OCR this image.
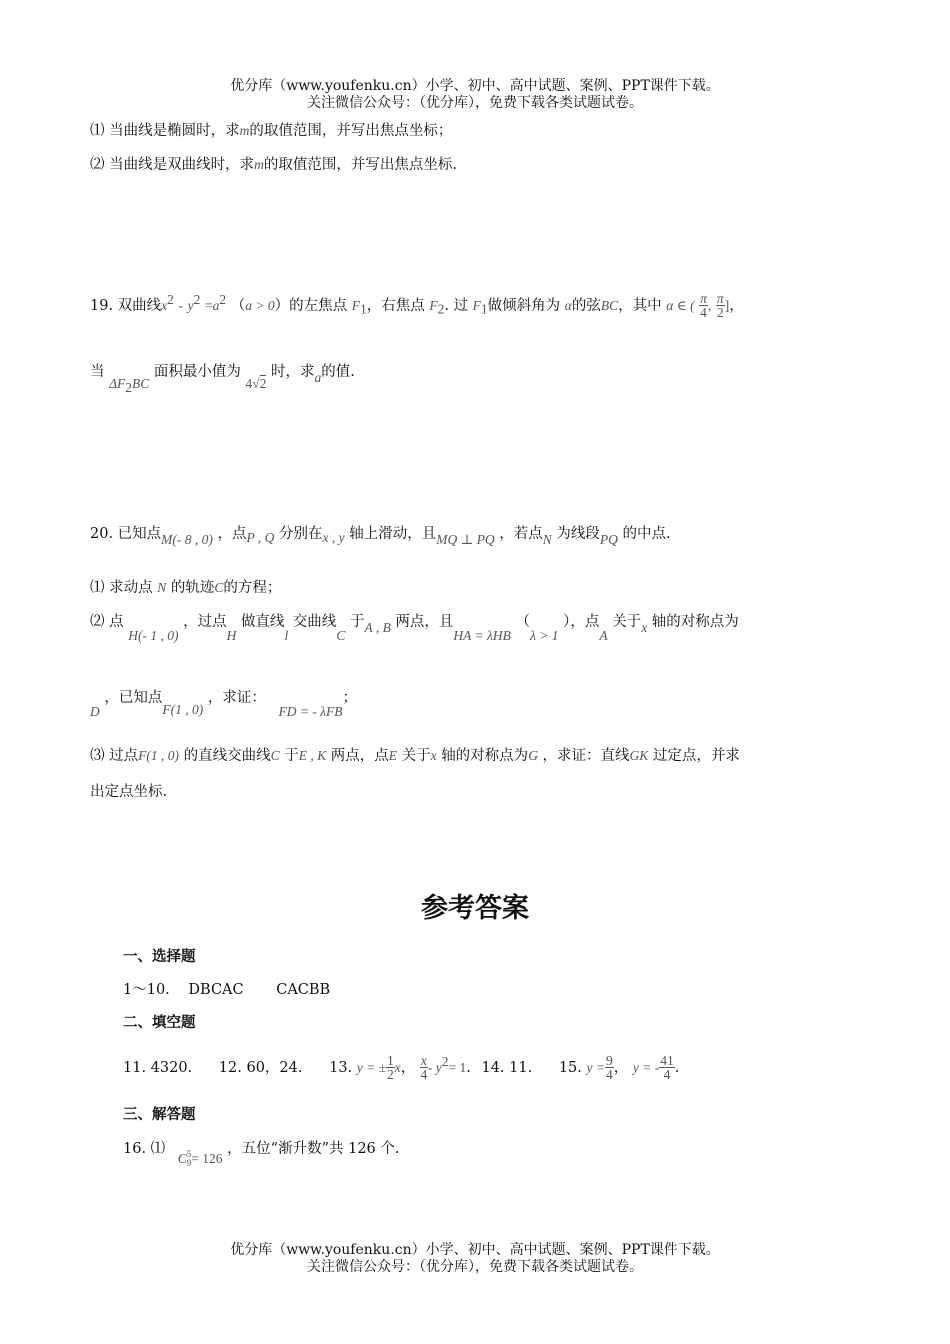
优分库（www.youfenku.cn）小学、初中、高中试题、案例、PPT课件下载。
关注微信公众号：（优分库），免费下载各类试题试卷。
⑴ 当曲线是椭圆时，求m的取值范围，并写出焦点坐标；
⑵ 当曲线是双曲线时，求m的取值范围，并写出焦点坐标.
19. 双曲线$x^2 - y^2 =a^2$ （a > 0）的左焦点 $F_1$，右焦点 $F_2$. 过 $F_1$做倾斜角为 α的弦BC，其中 α ∈ ( $\frac{\pi}{4}$ , $\frac{\pi}{2}$ ]，
当 $\Delta F_2BC$ 面积最小值为 4√2 时，求a的值.
20. 已知点M(- 8 , 0) ，点P , Q 分别在x , y 轴上滑动，且MQ ⊥ PQ ，若点N 为线段PQ 的中点.
⑴ 求动点 N 的轨迹C的方程；
⑵ 点 H(- 1 , 0) ，过点H 做直线l 交曲线C 于A , B 两点，且HA = λHB （λ > 1 ），点A 关于x 轴的对称点为
D ，已知点F(1 , 0) ，求证： FD = - λFB；
⑶ 过点F(1 , 0) 的直线交曲线C 于E , K 两点，点E 关于x 轴的对称点为G ，求证：直线GK 过定点，并求
出定点坐标.
参考答案
一、选择题
1～10. DBCAC CACBB
二、填空题
11. 4320. 12. 60，24. 13. y = ± $\frac{1}{2}$ x， $\frac{x}{4} - y^2= 1$. 14. 11. 15. $y = \frac{9}{4}$ ， y = - $\frac{41}{4}$ .
三、解答题
16. ⑴ C 5
9 = 126 ，五位“渐升数”共 126 个.
优分库（www.youfenku.cn）小学、初中、高中试题、案例、PPT课件下载。
关注微信公众号：（优分库），免费下载各类试题试卷。
